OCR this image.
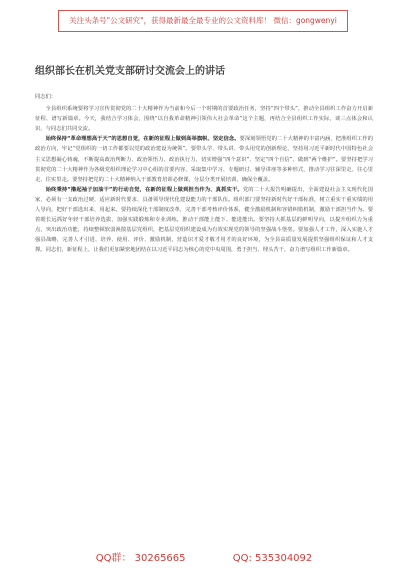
关注头条号"公文研究"，获得最新最全最专业的公文资料库！ 微信：gongwenyi
组织部长在机关党支部研讨交流会上的讲话

同志们：

全县组织系统要将学习宣传贯彻党的二十大精神作为当前和今后一个时期的首要政治任务，坚持“四个带头”，推动全县组织工作奋力开启新征程、谱写新篇章。今天，我结合学习体会，围绕“以自我革命精神引领伟大社会革命”这个主题，再结合全县组织工作实际，谈三点体会和认识，与同志们共同交流。

始终保持“革命理想高于天”的思想自觉，在新的征程上做到高举旗帜、坚定信念。要深刻领悟党的二十大精神的丰富内涵，把准组织工作的政治方向，牢记“党组织的一切工作都要以党的政治建设为统领”。要带头学、带头讲、带头用党的创新理论，坚持用习近平新时代中国特色社会主义思想凝心铸魂，不断提高政治判断力、政治领悟力、政治执行力，切实增强“四个意识”、坚定“四个自信”、做到“两个维护”。要坚持把学习贯彻党的二十大精神作为各级党组织理论学习中心组的首要内容，采取集中学习、专题研讨、辅导讲座等多种形式，推动学习往深里走、往心里走、往实里走。要坚持把党的二十大精神纳入干部教育培训必修课，分层分类开展培训，确保全覆盖。

始终秉持“撸起袖子加油干”的行动自觉，在新的征程上做到担当作为、真抓实干。党的二十大报告明确提出，全面建设社会主义现代化国家，必须有一支政治过硬、适应新时代要求、具备领导现代化建设能力的干部队伍。组织部门要坚持新时代好干部标准，树立重实干重实绩的用人导向，把好干部选出来、用起来。要持续深化干部制度改革，完善干部考核评价体系，健全激励机制和容错纠错机制，激励干部担当作为。要着眼长远抓好年轻干部培养选拔，加强实践锻炼和专业训练，推动干部能上能下、能进能出。要坚持大抓基层的鲜明导向，以提升组织力为重点，突出政治功能，持续整顿软弱涣散基层党组织，把基层党组织建设成为有效实现党的领导的坚强战斗堡垒。要加强人才工作，深入实施人才强县战略，完善人才引进、培养、使用、评价、激励机制，营造识才爱才敬才用才的良好环境，为全县高质量发展提供坚强组织保证和人才支撑。同志们，新征程上，让我们更加紧密地团结在以习近平同志为核心的党中央周围，勇于担当、埋头苦干，奋力谱写组织工作新篇章。

QQ群： 30265665	QQ: 535304092
